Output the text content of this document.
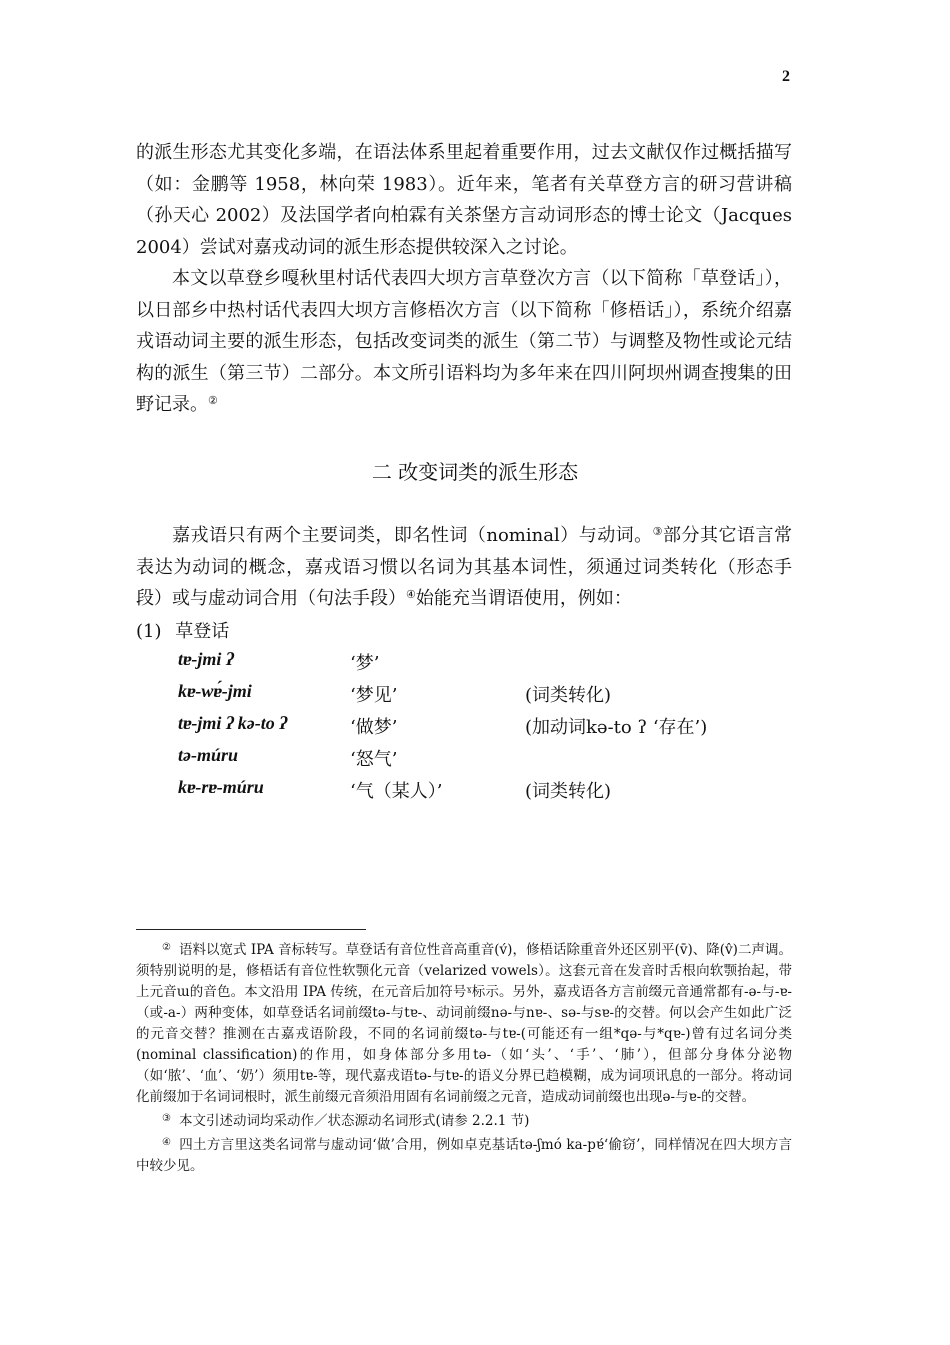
2
的派生形态尤其变化多端，在语法体系里起着重要作用，过去文献仅作过概括描写（如：金鹏等 1958，林向荣 1983）。近年来，笔者有关草登方言的研习营讲稿（孙天心 2002）及法国学者向柏霖有关茶堡方言动词形态的博士论文（Jacques 2004）尝试对嘉戎动词的派生形态提供较深入之讨论。
本文以草登乡嘎秋里村话代表四大坝方言草登次方言（以下简称「草登话」），以日部乡中热村话代表四大坝方言修梧次方言（以下简称「修梧话」），系统介绍嘉戎语动词主要的派生形态，包括改变词类的派生（第二节）与调整及物性或论元结构的派生（第三节）二部分。本文所引语料均为多年来在四川阿坝州调查搜集的田野记录。②
二 改变词类的派生形态
嘉戎语只有两个主要词类，即名性词（nominal）与动词。③部分其它语言常表达为动词的概念，嘉戎语习惯以名词为其基本词性，须通过词类转化（形态手段）或与虚动词合用（句法手段）④始能充当谓语使用，例如：
(1) 草登话
tɐ-jmi ʔ	‘梦’
kɐ-wɐ́-jmi	‘梦见’	(词类转化)
tɐ-jmi ʔ kə-to ʔ	‘做梦’	(加动词kə-to ʔ ‘存在’)
tə-múru	‘怒气’
kɐ-rɐ-múru	‘气（某人）’	(词类转化)

② 语料以宽式 IPA 音标转写。草登话有音位性音高重音(v́)，修梧话除重音外还区别平(v̄)、降(v̂)二声调。须特别说明的是，修梧话有音位性软颚化元音（velarized vowels）。这套元音在发音时舌根向软颚抬起，带上元音ɯ的音色。本文沿用 IPA 传统，在元音后加符号ˠ标示。另外，嘉戎语各方言前缀元音通常都有-ə-与-ɐ-（或-a-）两种变体，如草登话名词前缀tə-与tɐ-、动词前缀nə-与nɐ-、sə-与sɐ-的交替。何以会产生如此广泛的元音交替？推测在古嘉戎语阶段，不同的名词前缀tə-与tɐ-(可能还有一组*qə-与*qɐ-)曾有过名词分类(nominal classification)的作用，如身体部分多用tə-（如‘头’、‘手’、‘肺’），但部分身体分泌物（如‘脓’、‘血’、‘奶’）须用tɐ-等，现代嘉戎语tə-与tɐ-的语义分界已趋模糊，成为词项讯息的一部分。将动词化前缀加于名词词根时，派生前缀元音须沿用固有名词前缀之元音，造成动词前缀也出现ə-与ɐ-的交替。

③ 本文引述动词均采动作／状态源动名词形式(请参 2.2.1 节)

④ 四土方言里这类名词常与虚动词‘做’合用，例如卓克基话tə-ʃmó ka-pɐ́‘偷窃’，同样情况在四大坝方言中较少见。
